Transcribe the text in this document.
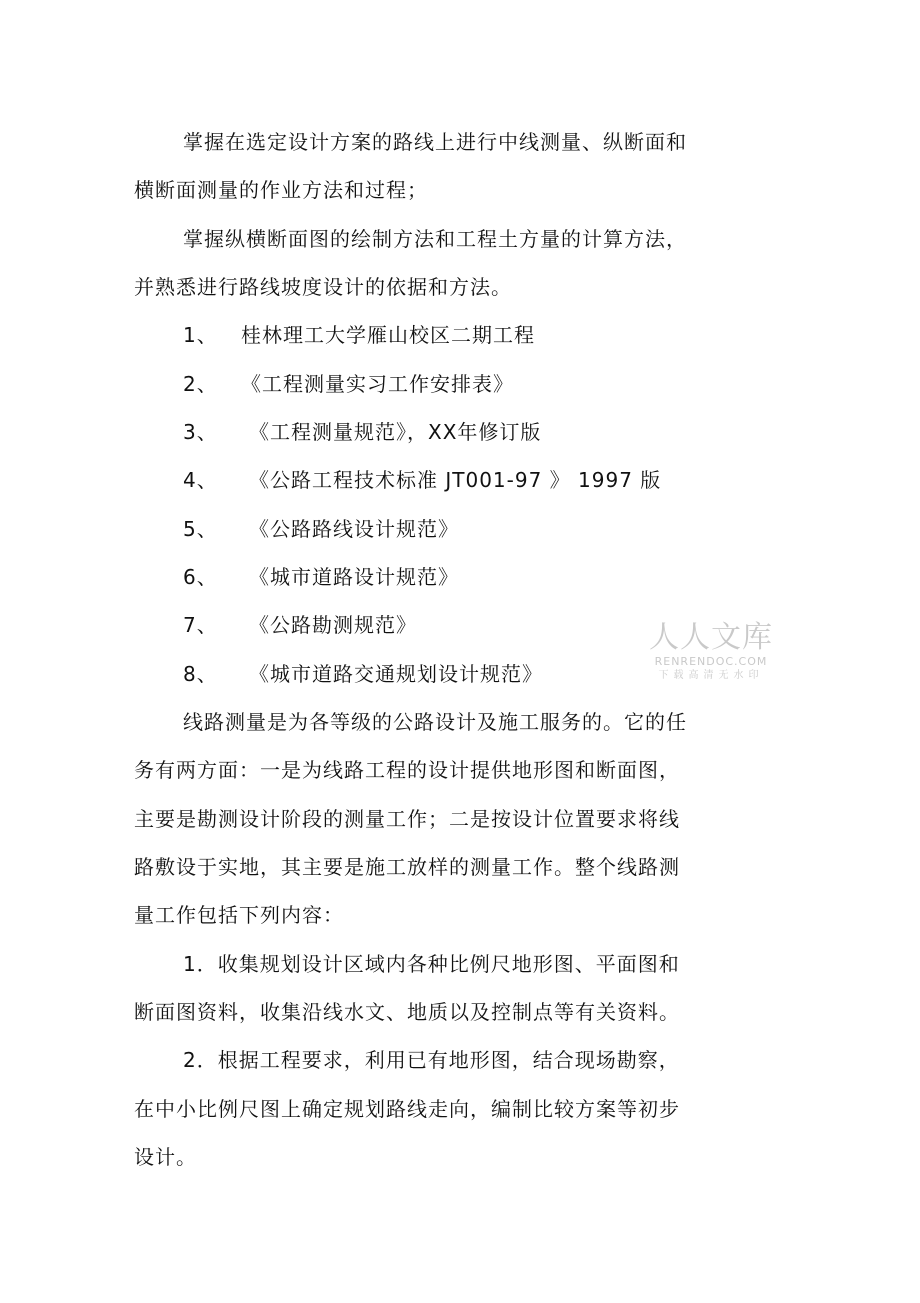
掌握在选定设计方案的路线上进行中线测量、纵断面和
横断面测量的作业方法和过程；
掌握纵横断面图的绘制方法和工程土方量的计算方法，
并熟悉进行路线坡度设计的依据和方法。
1、 桂林理工大学雁山校区二期工程
2、 《工程测量实习工作安排表》
3、 《工程测量规范》，XX年修订版
4、 《公路工程技术标准 JT001-97 》 1997 版
5、 《公路路线设计规范》
6、 《城市道路设计规范》
7、 《公路勘测规范》
8、 《城市道路交通规划设计规范》
线路测量是为各等级的公路设计及施工服务的。它的任
务有两方面：一是为线路工程的设计提供地形图和断面图，
主要是勘测设计阶段的测量工作；二是按设计位置要求将线
路敷设于实地，其主要是施工放样的测量工作。整个线路测
量工作包括下列内容：
1．收集规划设计区域内各种比例尺地形图、平面图和
断面图资料，收集沿线水文、地质以及控制点等有关资料。
2．根据工程要求，利用已有地形图，结合现场勘察，
在中小比例尺图上确定规划路线走向，编制比较方案等初步
设计。
人人文库
RENRENDOC.COM
下载高清无水印
